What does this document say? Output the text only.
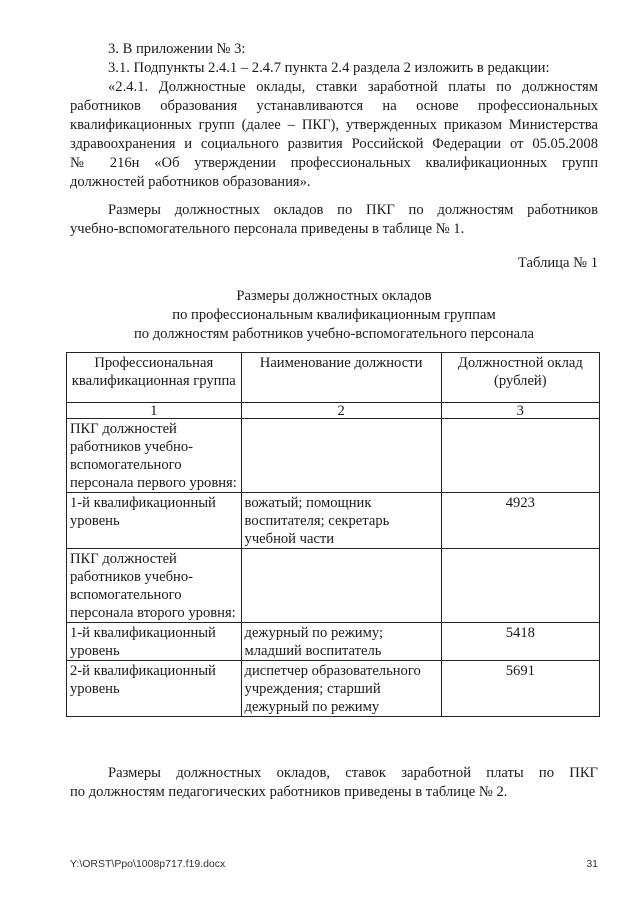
3. В приложении № 3:

3.1. Подпункты 2.4.1 – 2.4.7 пункта 2.4 раздела 2 изложить в редакции:

«2.4.1. Должностные оклады, ставки заработной платы по должностям

работников образования устанавливаются на основе профессиональных

квалификационных групп (далее – ПКГ), утвержденных приказом Министерства

здравоохранения и социального развития Российской Федерации от 05.05.2008

№ 216н «Об утверждении профессиональных квалификационных групп

должностей работников образования».

Размеры должностных окладов по ПКГ по должностям работников

учебно-вспомогательного персонала приведены в таблице № 1.

Таблица № 1

Размеры должностных окладов

по профессиональным квалификационным группам

по должностям работников учебно-вспомогательного персонала

Профессиональная квалификационная группа	Наименование должности	Должностной оклад (рублей)
1	2	3
ПКГ должностей работников учебно-вспомогательного персонала первого уровня:		
1-й квалификационный уровень	вожатый; помощник воспитателя; секретарь учебной части	4923
ПКГ должностей работников учебно-вспомогательного персонала второго уровня:		
1-й квалификационный уровень	дежурный по режиму; младший воспитатель	5418
2-й квалификационный уровень	диспетчер образовательного учреждения; старший дежурный по режиму	5691

Размеры должностных окладов, ставок заработной платы по ПКГ

по должностям педагогических работников приведены в таблице № 2.

Y:\ORST\Ppo\1008p717.f19.docx	31
